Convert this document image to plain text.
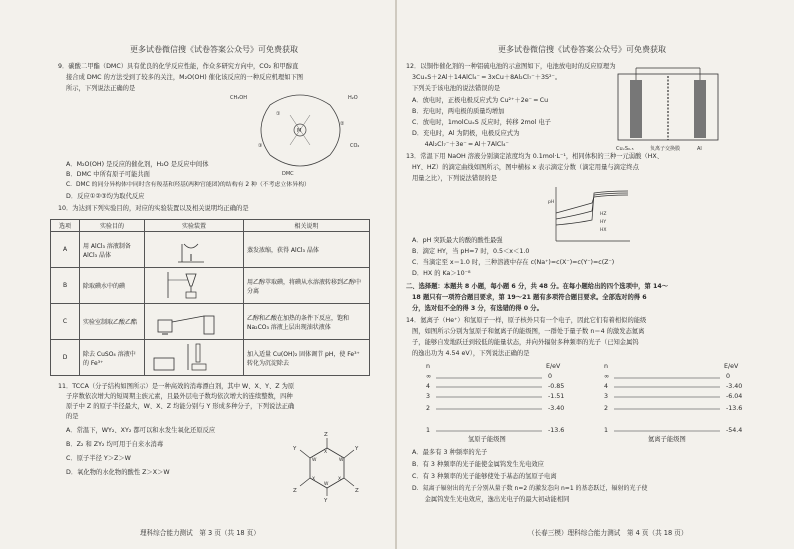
更多试卷微信搜《试卷答案公众号》可免费获取
9．碳酸二甲酯（DMC）具有优良的化学反应性能，作众多研究方向中，CO₂ 和甲醇直
接合成 DMC 的方法受到了较多的关注，M₂O(OH) 催化该反应的一种反应机理如下图
所示，下列说法正确的是
CH₃OH
①
H₂O
②
③	CO₂
DMC
M
A．M₂O(OH) 是反应的催化剂，H₂O 是反应中间体
B．DMC 中所有原子可能共面
C．DMC 的同分异构体中同时含有羧基和羟基(两种官能团)的结构有 2 种（不考虑立体异构）
D．反应①②③均为取代反应
10．为达到下列实验目的，对应的实验装置以及相关说明均正确的是
选项	实验目的	实验装置	相关说明
A	用 AlCl₃ 溶液制备 AlCl₃ 晶体		蒸发浓缩，获得 AlCl₃ 晶体
B	除取碘水中的碘		用乙醇萃取碘，将碘从水溶液转移到乙醇中分离
C	实验室制取乙酸乙酯		乙醇和乙酸在加热的条件下反应，饱和 Na₂CO₃ 溶液上层出现油状液体
D	除去 CuSO₄ 溶液中的 Fe³⁺		加入适量 Cu(OH)₂ 固体调节 pH，使 Fe³⁺ 转化为沉淀除去
11．TCCA（分子结构如图所示）是一种高效的消毒漂白剂，其中 W、X、Y、Z 为原
子序数依次增大的短周期主族元素，且最外层电子数均依次增大的连续整数，四种
原子中 Z 的原子半径最大，W、X、Z 均能分别与 Y 形成多种分子，下列说法正确
的是
A．常温下，WY₂、XY₂ 都可以和水发生氧化还原反应
B．Z₂ 和 ZY₂ 均可用于自来水消毒
C．原子半径 Y＞Z＞W
D．氧化物的水化物的酸性 Z＞X＞W
Z
Z
Z
Y
Y
Y
X
X
X
W
W
W
理科综合能力测试　第 3 页（共 18 页）
更多试卷微信搜《试卷答案公众号》可免费获取
12．以铜作催化剂的一种铝硫电池的示意图如下，电池放电时的反应原理为
3CuₓS＋2Al＋14AlCl₄⁻ ═ 3xCu＋8Al₂Cl₇⁻＋3S²⁻。
下列关于该电池的说法错误的是
A．放电时，正极电极反应式为 Cu²⁺＋2e⁻ ═ Cu
B．充电时，两电极的质量均增加
C．放电时，1molCuₓS 反应时，转移 2mol 电子
D．充电时，Al 为阴极，电极反应式为
　　4Al₂Cl₇⁻＋3e⁻ ═ Al＋7AlCl₄⁻
CuₓS₀.₅	负离子交换膜	Al
13．常温下用 NaOH 溶液分别滴定浓度均为 0.1mol·L⁻¹，相同体积的三种一元弱酸（HX、
HY、HZ）的滴定曲线如图所示，图中横标 x 表示滴定分数（滴定用量与滴定终点
用量之比），下列说法错误的是
pH
HZ
HY
HX
A．pH 突跃最大的酸的酸性最强
B．滴定 HY，当 pH=7 时，0.5＜x＜1.0
C．当滴定至 x＝1.0 时，三种溶液中存在 c(Na⁺)=c(X⁻)=c(Y⁻)=c(Z⁻)
D．HX 的 Ka＞10⁻⁸
二、选择题：本题共 8 小题，每小题 6 分，共 48 分。在每小题给出的四个选项中，第 14～
18 题只有一项符合题目要求，第 19～21 题有多项符合题目要求。全部选对的得 6
分，选对但不全的得 3 分，有选错的得 0 分。
14．氦离子（He⁺）和氢原子一样，原子核外只有一个电子，因此它们有着相似的能级
图，如图所示分别为氢原子和氦离子的能级图，一群处于量子数 n＝4 的激发态氦离
子，能够自发地跃迁到较低的能量状态，并向外辐射多种频率的光子（已知金属钨
的逸出功为 4.54 eV），下列说法正确的是
n	E/eV
∞	0
4	-0.85
3	-1.51
2	-3.40
1	-13.6
氢原子能级图
n	E/eV
∞	0
4	-3.40
3	-6.04
2	-13.6
1	-54.4
氦离子能级图
A．最多有 3 种频率的光子
B．有 3 种频率的光子能使金属钨发生光电效应
C．有 3 种频率的光子能够使处于基态的氢原子电离
D．氦离子辐射出的光子分别从量子数 n=2 的激发态向 n=1 的基态跃迁，辐射的光子使
　　金属钨发生光电效应，逸出光电子的最大初动能相同
（长春三模）理科综合能力测试　第 4 页（共 18 页）
